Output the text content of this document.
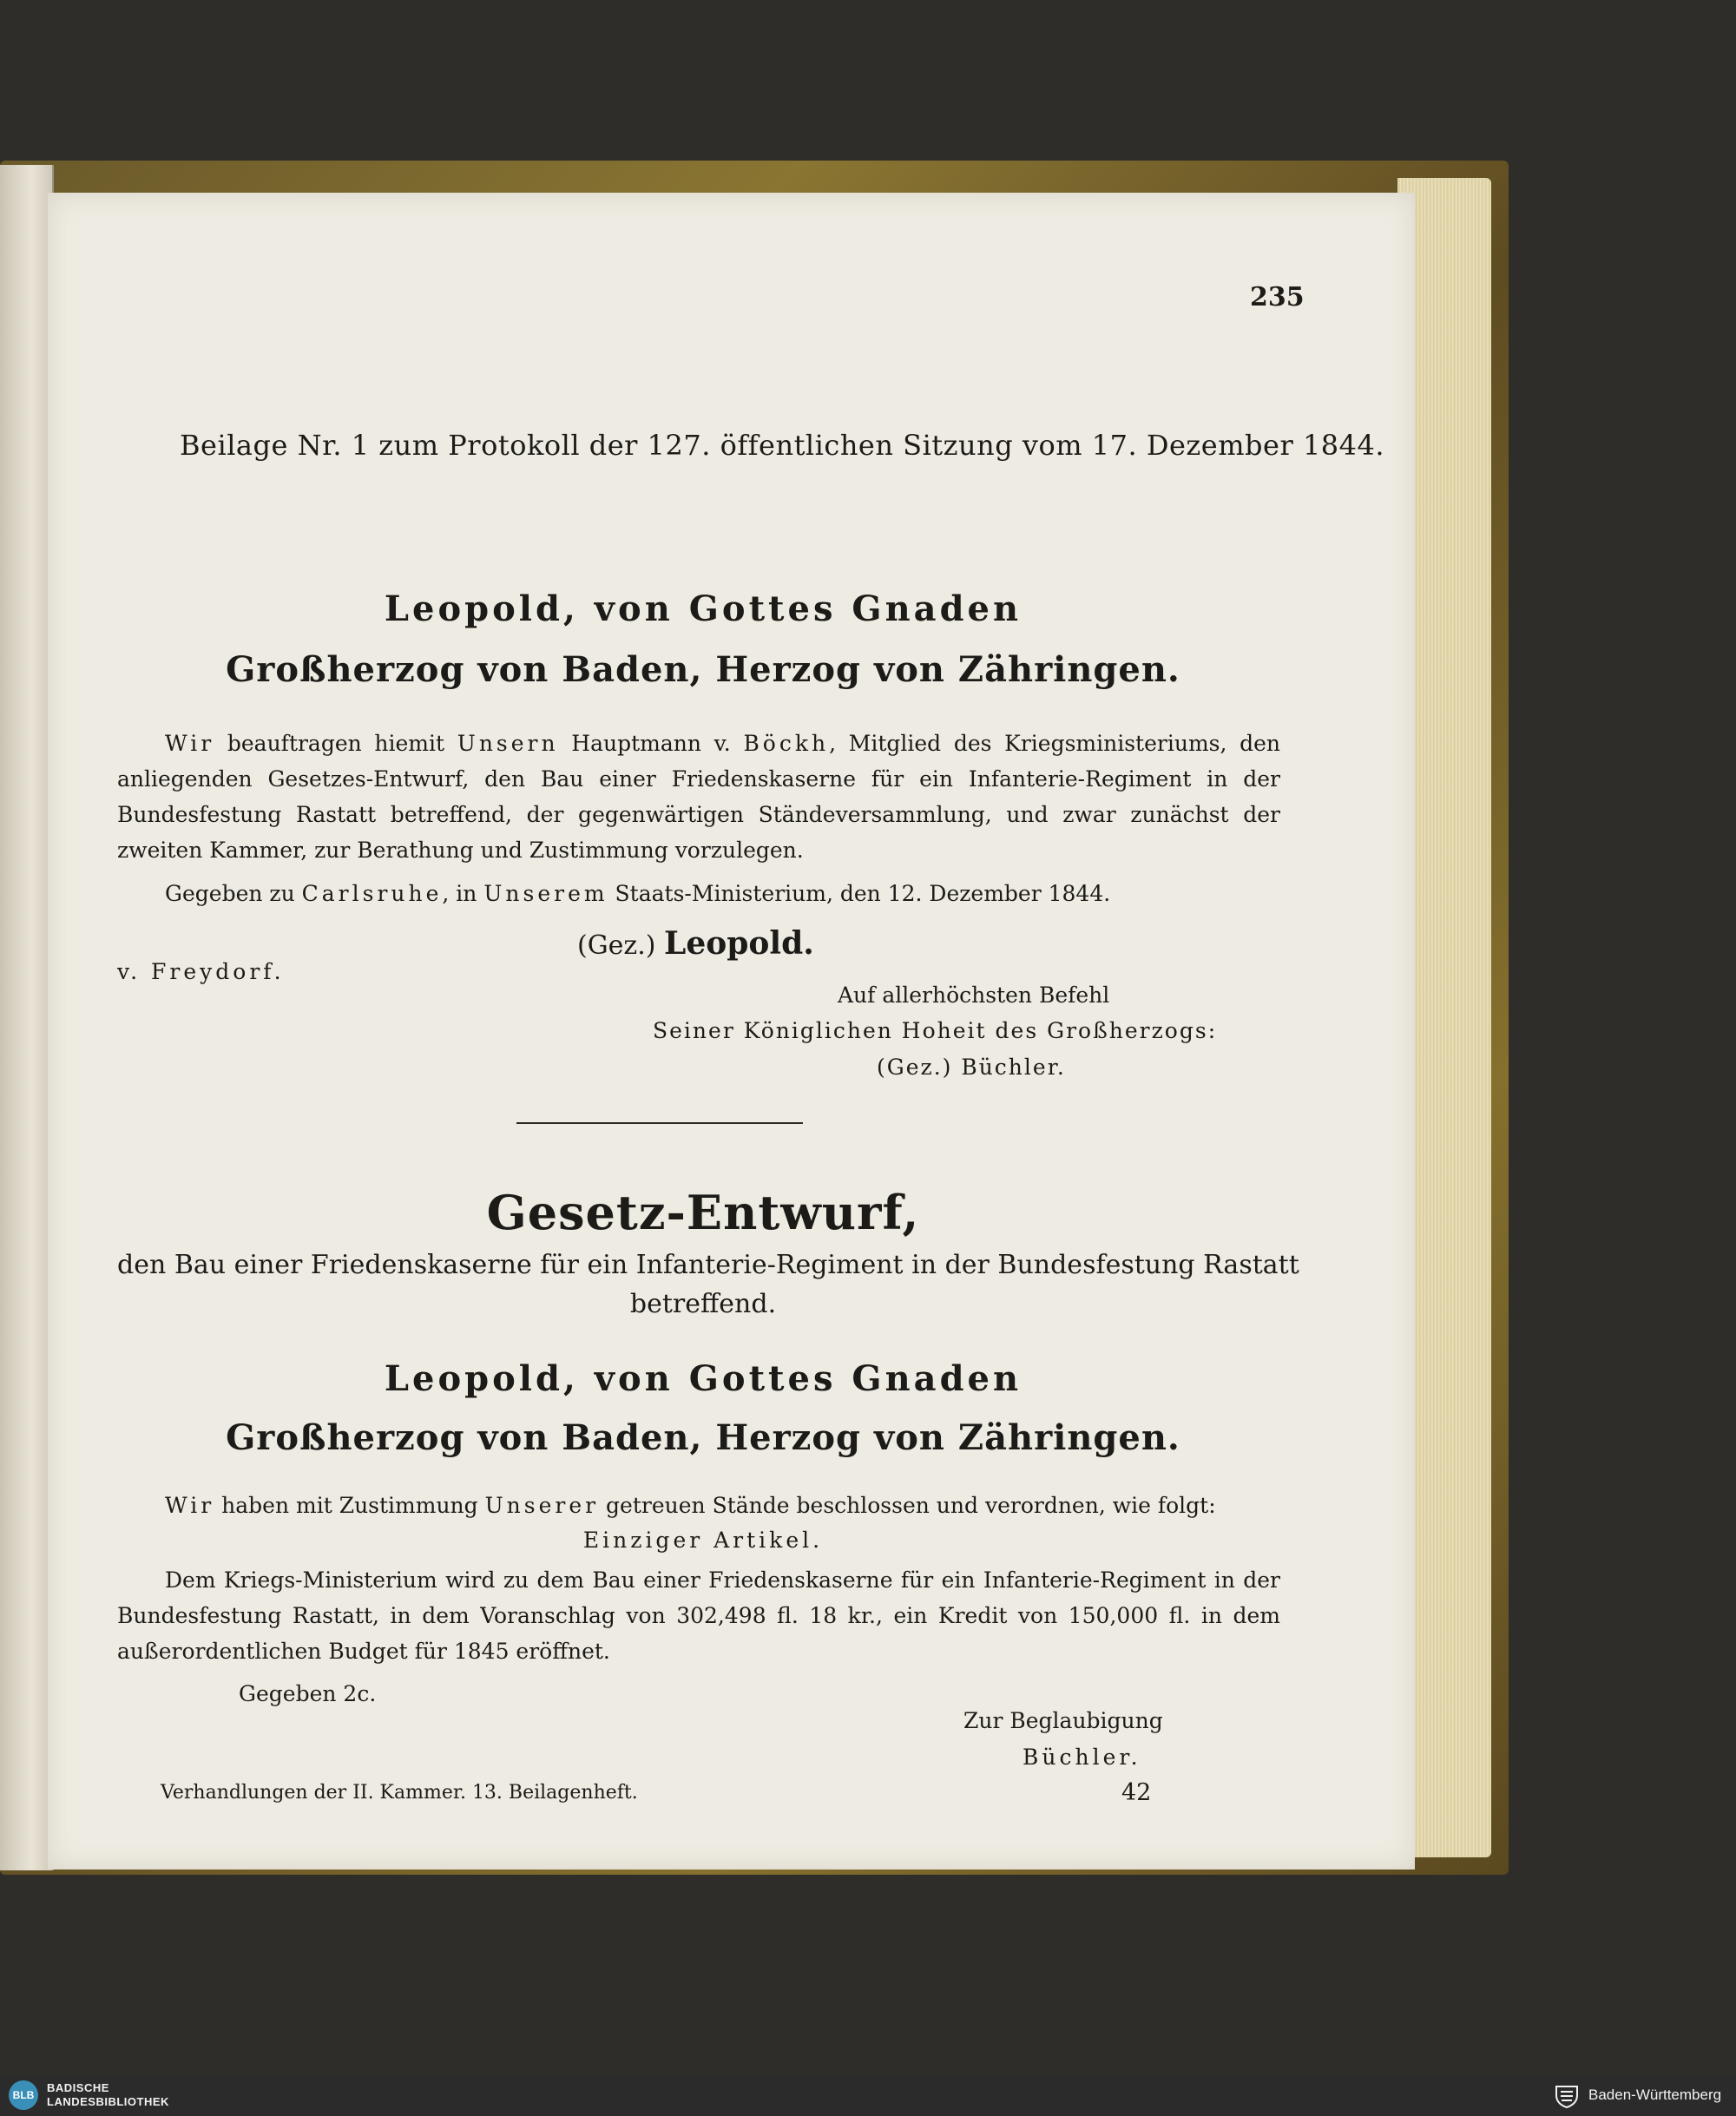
235
Beilage Nr. 1 zum Protokoll der 127. öffentlichen Sitzung vom 17. Dezember 1844.
Leopold, von Gottes Gnaden
Großherzog von Baden, Herzog von Zähringen.
Wir beauftragen hiemit Unsern Hauptmann v. Böckh, Mitglied des Kriegsministeriums, den anliegenden Gesetzes-Entwurf, den Bau einer Friedenskaserne für ein Infanterie-Regiment in der Bundesfestung Rastatt betreffend, der gegenwärtigen Ständeversammlung, und zwar zunächst der zweiten Kammer, zur Berathung und Zustimmung vorzulegen.
Gegeben zu Carlsruhe, in Unserem Staats-Ministerium, den 12. Dezember 1844.
(Gez.) Leopold.
v. Freydorf.
Auf allerhöchsten Befehl
Seiner Königlichen Hoheit des Großherzogs:
(Gez.) Büchler.
Gesetz-Entwurf,
den Bau einer Friedenskaserne für ein Infanterie-Regiment in der Bundesfestung Rastatt
betreffend.
Leopold, von Gottes Gnaden
Großherzog von Baden, Herzog von Zähringen.
Wir haben mit Zustimmung Unserer getreuen Stände beschlossen und verordnen, wie folgt:
Einziger Artikel.
Dem Kriegs-Ministerium wird zu dem Bau einer Friedenskaserne für ein Infanterie-Regiment in der Bundesfestung Rastatt, in dem Voranschlag von 302,498 fl. 18 kr., ein Kredit von 150,000 fl. in dem außerordentlichen Budget für 1845 eröffnet.
Gegeben 2c.
Zur Beglaubigung
Büchler.
Verhandlungen der II. Kammer. 13. Beilagenheft.	42
BLB
BADISCHE
LANDESBIBLIOTHEK	Baden-Württemberg
